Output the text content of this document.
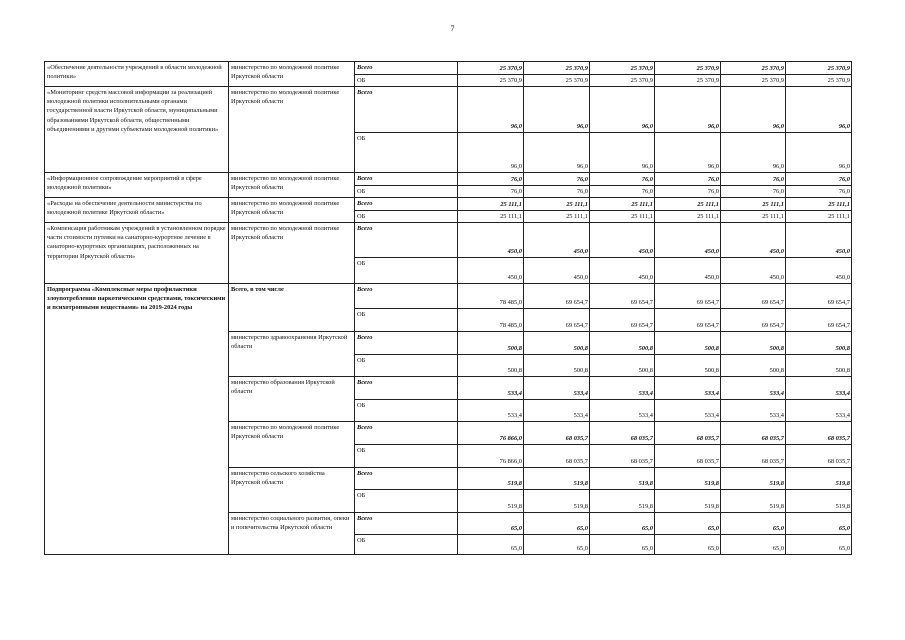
7
«Обеспечение деятельности учреждений в области молодежной политики»	министерство по молодежной политике Иркутской области	Всего	25 370,9	25 370,9	25 370,9	25 370,9	25 370,9	25 370,9
		ОБ	25 370,9	25 370,9	25 370,9	25 370,9	25 370,9	25 370,9
«Мониторинг средств массовой информации за реализацией молодежной политики исполнительными органами государственной власти Иркутской области, муниципальными образованиями Иркутской области, общественными объединениями и другими субъектами молодежной политики»	министерство по молодежной политике Иркутской области	Всего	96,0	96,0	96,0	96,0	96,0	96,0
		ОБ	96,0	96,0	96,0	96,0	96,0	96,0
«Информационное сопровождение мероприятий в сфере молодежной политики»	министерство по молодежной политике Иркутской области	Всего	76,0	76,0	76,0	76,0	76,0	76,0
		ОБ	76,0	76,0	76,0	76,0	76,0	76,0
«Расходы на обеспечение деятельности министерства по молодежной политике Иркутской области»	министерство по молодежной политике Иркутской области	Всего	25 111,1	25 111,1	25 111,1	25 111,1	25 111,1	25 111,1
		ОБ	25 111,1	25 111,1	25 111,1	25 111,1	25 111,1	25 111,1
«Компенсация работникам учреждений в установленном порядке части стоимости путевки на санаторно-курортное лечение в санаторно-курортных организациях, расположенных на территории Иркутской области»	министерство по молодежной политике Иркутской области	Всего	450,0	450,0	450,0	450,0	450,0	450,0
		ОБ	450,0	450,0	450,0	450,0	450,0	450,0
Подпрограмма «Комплексные меры профилактики злоупотребления наркотическими средствами, токсическими и психотропными веществами» на 2019-2024 годы	Всего, в том числе	Всего	78 485,0	69 654,7	69 654,7	69 654,7	69 654,7	69 654,7
		ОБ	78 485,0	69 654,7	69 654,7	69 654,7	69 654,7	69 654,7
	министерство здравоохранения Иркутской области	Всего	500,8	500,8	500,8	500,8	500,8	500,8
		ОБ	500,8	500,8	500,8	500,8	500,8	500,8
	министерство образования Иркутской области	Всего	533,4	533,4	533,4	533,4	533,4	533,4
		ОБ	533,4	533,4	533,4	533,4	533,4	533,4
	министерство по молодежной политике Иркутской области	Всего	76 866,0	68 035,7	68 035,7	68 035,7	68 035,7	68 035,7
		ОБ	76 866,0	68 035,7	68 035,7	68 035,7	68 035,7	68 035,7
	министерство сельского хозяйства Иркутской области	Всего	519,8	519,8	519,8	519,8	519,8	519,8
		ОБ	519,8	519,8	519,8	519,8	519,8	519,8
	министерство социального развития, опеки и попечительства Иркутской области	Всего	65,0	65,0	65,0	65,0	65,0	65,0
		ОБ	65,0	65,0	65,0	65,0	65,0	65,0
